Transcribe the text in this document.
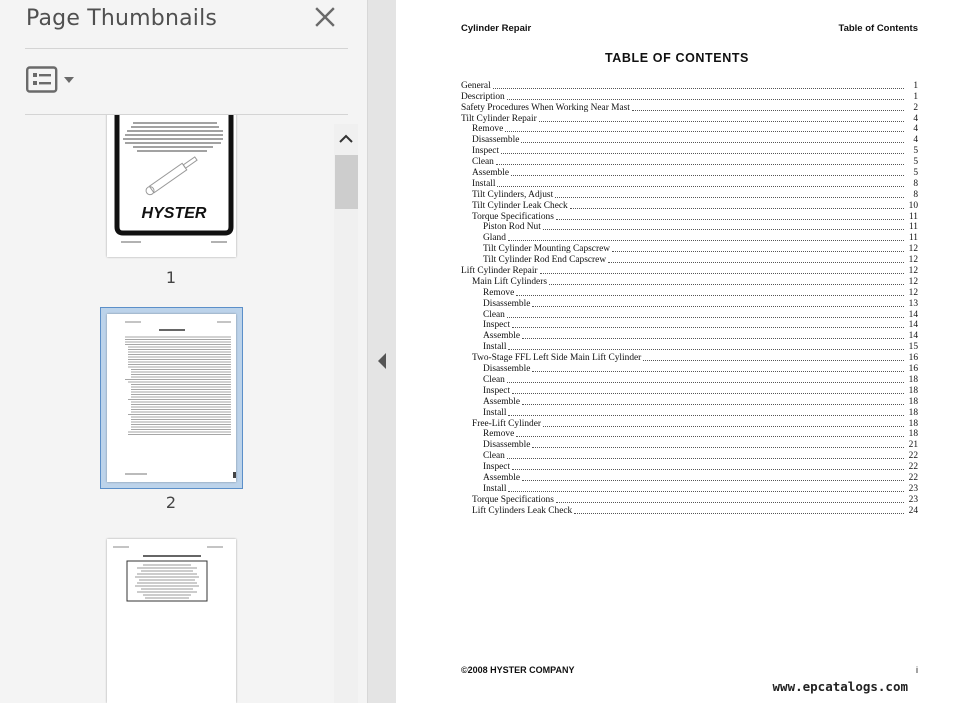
Page Thumbnails
HYSTER
1
2
Cylinder Repair	Table of Contents
TABLE OF CONTENTS
General	1
Description	1
Safety Procedures When Working Near Mast	2
Tilt Cylinder Repair	4
Remove	4
Disassemble	4
Inspect	5
Clean	5
Assemble	5
Install	8
Tilt Cylinders, Adjust	8
Tilt Cylinder Leak Check	10
Torque Specifications	11
Piston Rod Nut	11
Gland	11
Tilt Cylinder Mounting Capscrew	12
Tilt Cylinder Rod End Capscrew	12
Lift Cylinder Repair	12
Main Lift Cylinders	12
Remove	12
Disassemble	13
Clean	14
Inspect	14
Assemble	14
Install	15
Two-Stage FFL Left Side Main Lift Cylinder	16
Disassemble	16
Clean	18
Inspect	18
Assemble	18
Install	18
Free-Lift Cylinder	18
Remove	18
Disassemble	21
Clean	22
Inspect	22
Assemble	22
Install	23
Torque Specifications	23
Lift Cylinders Leak Check	24
©2008 HYSTER COMPANY	i
www.epcatalogs.com
